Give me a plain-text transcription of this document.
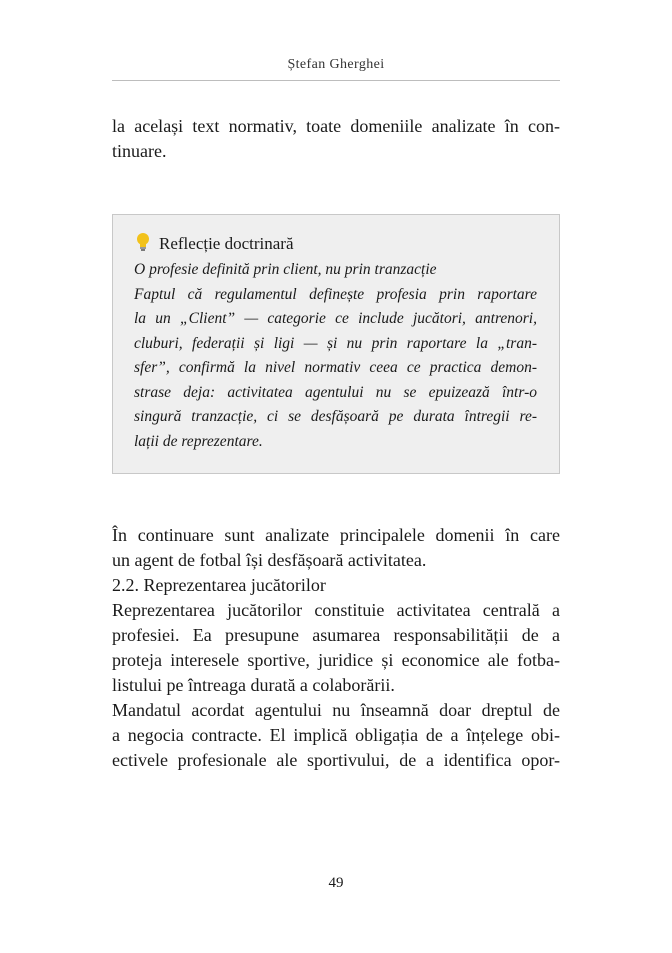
Ștefan Gherghei
la același text normativ, toate domeniile analizate în con-
tinuare.
Reflecție doctrinară
O profesie definită prin client, nu prin tranzacție
Faptul că regulamentul definește profesia prin raportare
la un „Client” — categorie ce include jucători, antrenori,
cluburi, federații și ligi — și nu prin raportare la „tran-
sfer”, confirmă la nivel normativ ceea ce practica demon-
strase deja: activitatea agentului nu se epuizează într-o
singură tranzacție, ci se desfășoară pe durata întregii re-
lații de reprezentare.
În continuare sunt analizate principalele domenii în care
un agent de fotbal își desfășoară activitatea.
2.2. Reprezentarea jucătorilor
Reprezentarea jucătorilor constituie activitatea centrală a
profesiei. Ea presupune asumarea responsabilității de a
proteja interesele sportive, juridice și economice ale fotba-
listului pe întreaga durată a colaborării.
Mandatul acordat agentului nu înseamnă doar dreptul de
a negocia contracte. El implică obligația de a înțelege obi-
ectivele profesionale ale sportivului, de a identifica opor-
49
